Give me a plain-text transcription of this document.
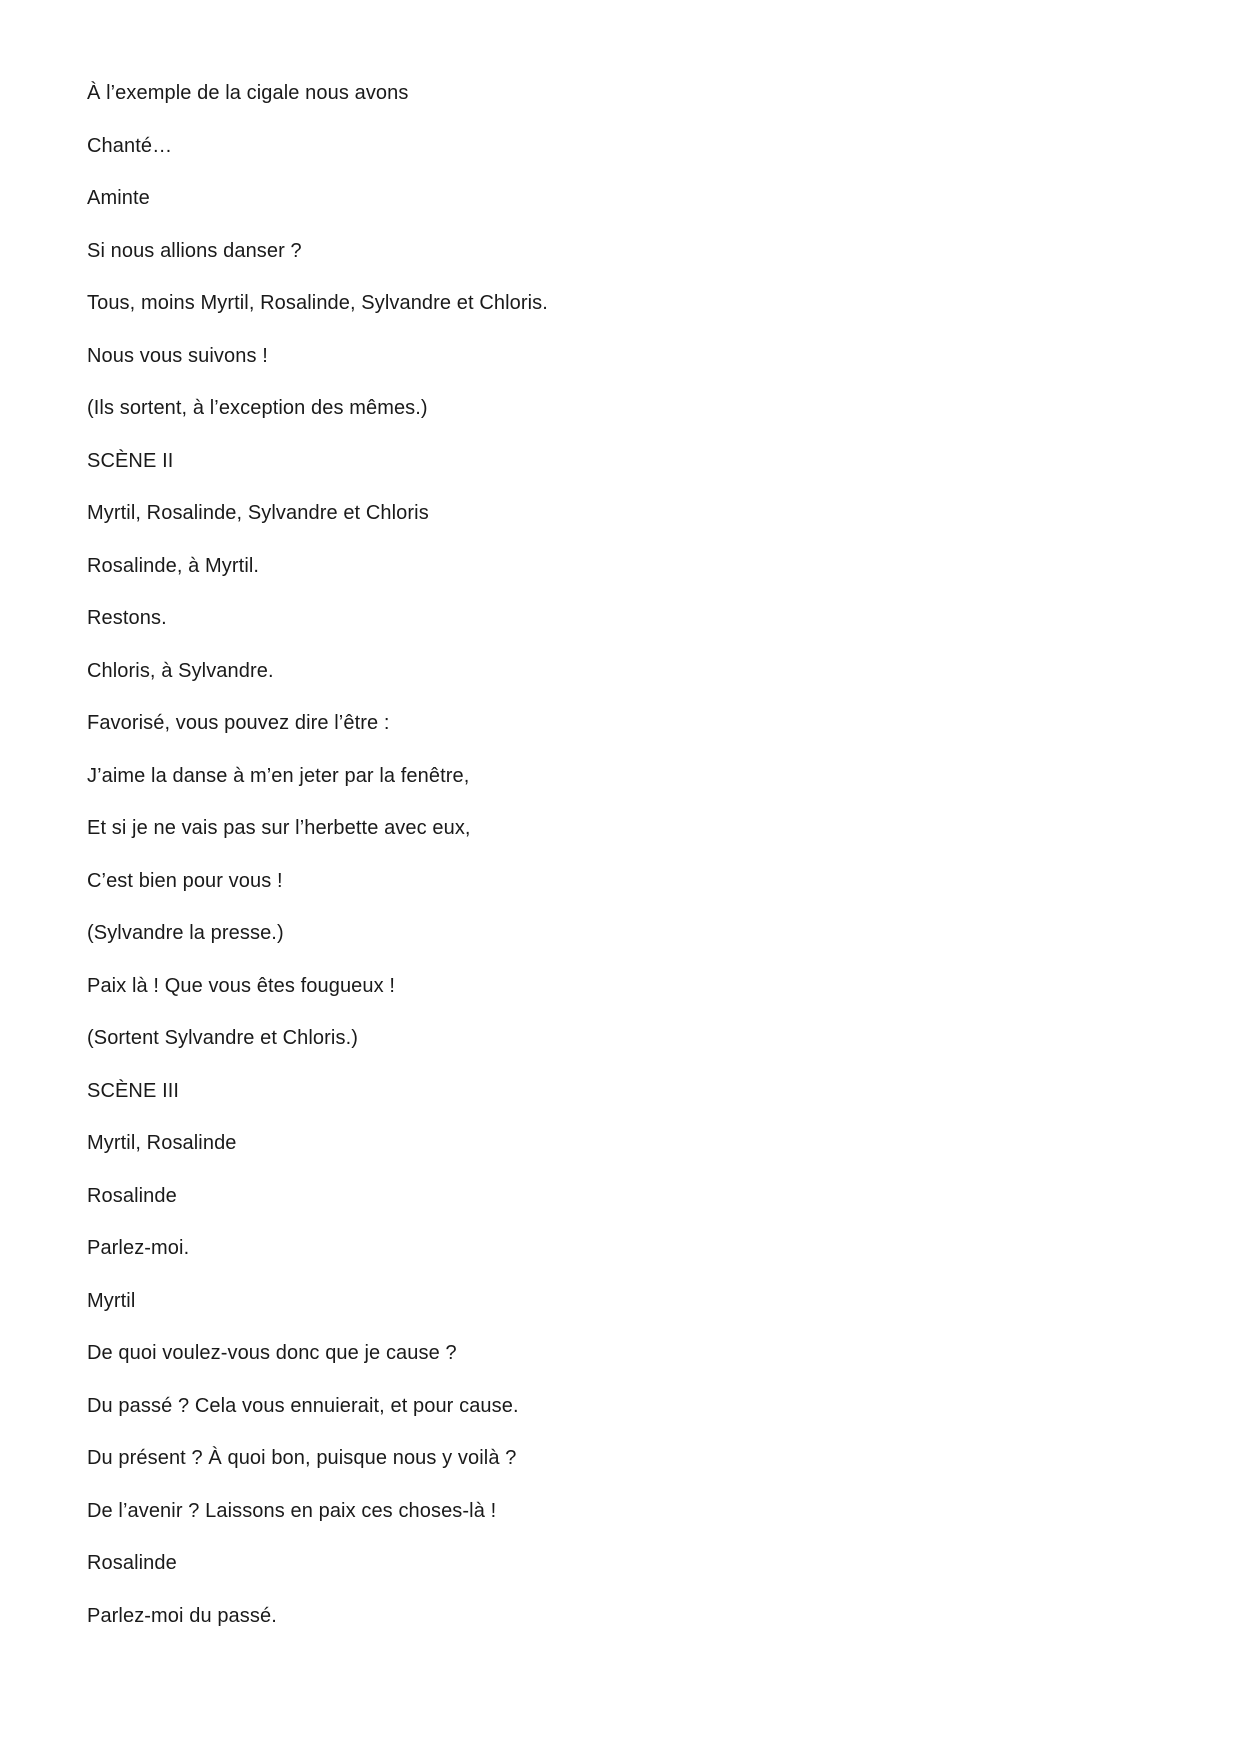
À l’exemple de la cigale nous avons
Chanté…
Aminte
Si nous allions danser ?
Tous, moins Myrtil, Rosalinde, Sylvandre et Chloris.
Nous vous suivons !
(Ils sortent, à l’exception des mêmes.)
SCÈNE II
Myrtil, Rosalinde, Sylvandre et Chloris
Rosalinde, à Myrtil.
Restons.
Chloris, à Sylvandre.
Favorisé, vous pouvez dire l’être :
J’aime la danse à m’en jeter par la fenêtre,
Et si je ne vais pas sur l’herbette avec eux,
C’est bien pour vous !
(Sylvandre la presse.)
Paix là ! Que vous êtes fougueux !
(Sortent Sylvandre et Chloris.)
SCÈNE III
Myrtil, Rosalinde
Rosalinde
Parlez-moi.
Myrtil
De quoi voulez-vous donc que je cause ?
Du passé ? Cela vous ennuierait, et pour cause.
Du présent ? À quoi bon, puisque nous y voilà ?
De l’avenir ? Laissons en paix ces choses-là !
Rosalinde
Parlez-moi du passé.
